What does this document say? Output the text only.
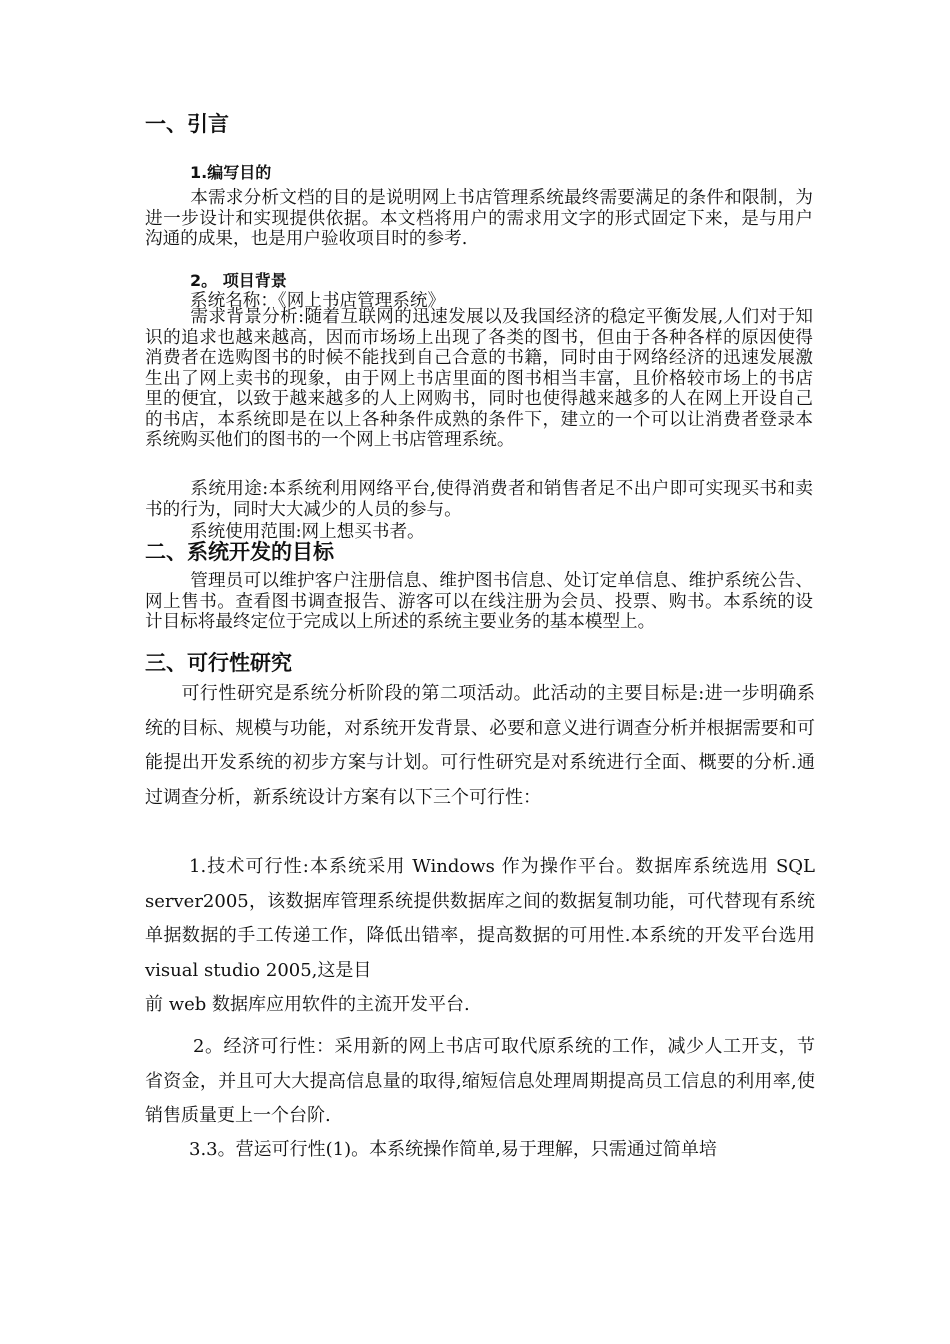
一、引言
1.编写目的

本需求分析文档的目的是说明网上书店管理系统最终需要满足的条件和限制，为进一步设计和实现提供依据。本文档将用户的需求用文字的形式固定下来，是与用户沟通的成果，也是用户验收项目时的参考.

2。 项目背景

系统名称：《网上书店管理系统》

需求背景分析:随着互联网的迅速发展以及我国经济的稳定平衡发展,人们对于知识的追求也越来越高，因而市场场上出现了各类的图书，但由于各种各样的原因使得消费者在选购图书的时候不能找到自己合意的书籍，同时由于网络经济的迅速发展激生出了网上卖书的现象，由于网上书店里面的图书相当丰富，且价格较市场上的书店里的便宜，以致于越来越多的人上网购书，同时也使得越来越多的人在网上开设自己的书店，本系统即是在以上各种条件成熟的条件下，建立的一个可以让消费者登录本系统购买他们的图书的一个网上书店管理系统。

系统用途:本系统利用网络平台,使得消费者和销售者足不出户即可实现买书和卖书的行为，同时大大减少的人员的参与。

系统使用范围:网上想买书者。

二、系统开发的目标

管理员可以维护客户注册信息、维护图书信息、处订定单信息、维护系统公告、网上售书。查看图书调查报告、游客可以在线注册为会员、投票、购书。本系统的设计目标将最终定位于完成以上所述的系统主要业务的基本模型上。

三、可行性研究

可行性研究是系统分析阶段的第二项活动。此活动的主要目标是:进一步明确系统的目标、规模与功能，对系统开发背景、必要和意义进行调查分析并根据需要和可能提出开发系统的初步方案与计划。可行性研究是对系统进行全面、概要的分析.通过调查分析，新系统设计方案有以下三个可行性：

1.技术可行性:本系统采用 Windows 作为操作平台。数据库系统选用 SQL server2005，该数据库管理系统提供数据库之间的数据复制功能，可代替现有系统单据数据的手工传递工作，降低出错率，提高数据的可用性.本系统的开发平台选用 visual studio 2005,这是目

前 web 数据库应用软件的主流开发平台.

2。经济可行性：采用新的网上书店可取代原系统的工作，减少人工开支，节省资金，并且可大大提高信息量的取得,缩短信息处理周期提高员工信息的利用率,使销售质量更上一个台阶.

3.3。营运可行性(1)。本系统操作简单,易于理解，只需通过简单培
